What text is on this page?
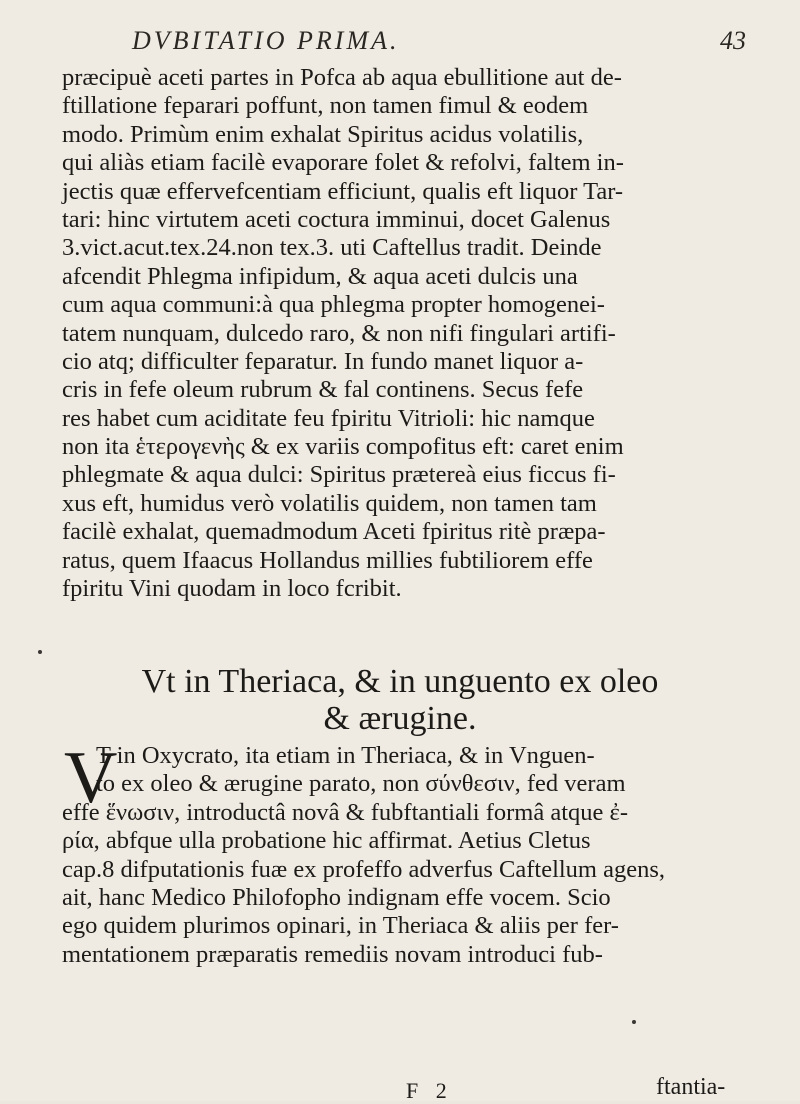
DVBITATIO PRIMA.	43
præcipuè aceti partes in Pofca ab aqua ebullitione aut de-
ftillatione feparari poffunt, non tamen fimul & eodem
modo. Primùm enim exhalat Spiritus acidus volatilis,
qui aliàs etiam facilè evaporare folet & refolvi, faltem in-
jectis quæ effervefcentiam efficiunt, qualis eft liquor Tar-
tari: hinc virtutem aceti coctura imminui, docet Galenus
3.vict.acut.tex.24.non tex.3. uti Caftellus tradit. Deinde
afcendit Phlegma infipidum, & aqua aceti dulcis una
cum aqua communi:à qua phlegma propter homogenei-
tatem nunquam, dulcedo raro, & non nifi fingulari artifi-
cio atq; difficulter feparatur. In fundo manet liquor a-
cris in fefe oleum rubrum & fal continens. Secus fefe
res habet cum aciditate feu fpiritu Vitrioli: hic namque
non ita ἑτερογενὴς & ex variis compofitus eft: caret enim
phlegmate & aqua dulci: Spiritus prætereà eius ficcus fi-
xus eft, humidus verò volatilis quidem, non tamen tam
facilè exhalat, quemadmodum Aceti fpiritus ritè præpa-
ratus, quem Ifaacus Hollandus millies fubtiliorem effe
fpiritu Vini quodam in loco fcribit.
Vt in Theriaca, & in unguento ex oleo
& ærugine.
V
T in Oxycrato, ita etiam in Theriaca, & in Vnguen-
to ex oleo & ærugine parato, non σύνθεσιν, fed veram
effe ἕνωσιν, introductâ novâ & fubftantiali formâ atque ἐ-
ρία, abfque ulla probatione hic affirmat. Aetius Cletus
cap.8 difputationis fuæ ex profeffo adverfus Caftellum agens,
ait, hanc Medico Philofopho indignam effe vocem. Scio
ego quidem plurimos opinari, in Theriaca & aliis per fer-
mentationem præparatis remediis novam introduci fub-
F 2	ftantia-
